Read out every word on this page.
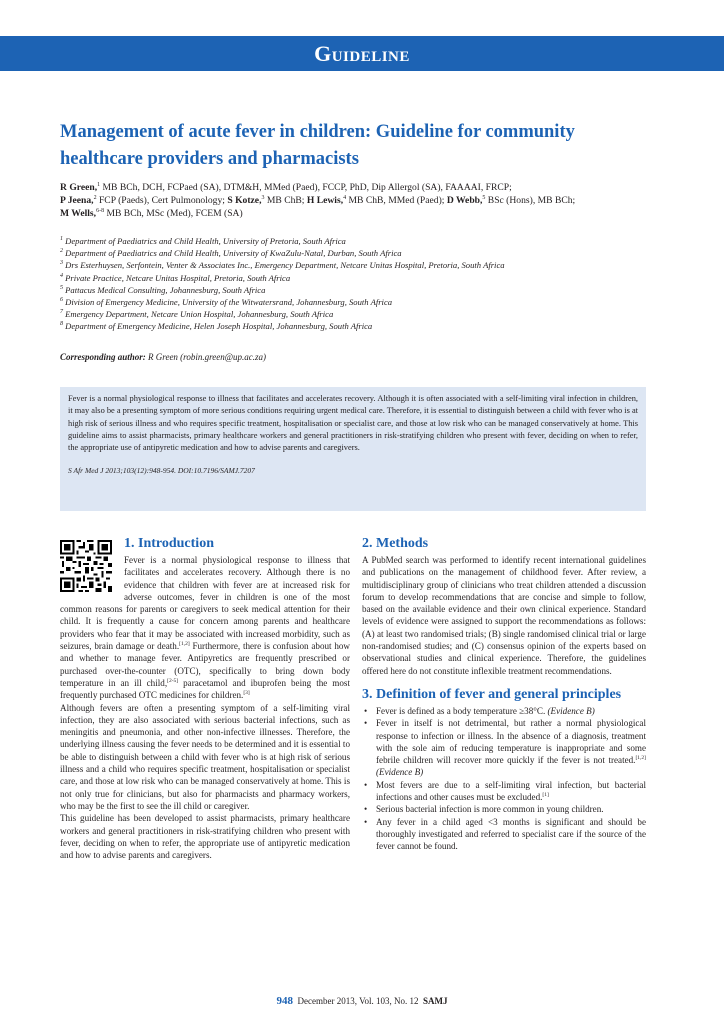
Guideline
Management of acute fever in children: Guideline for community healthcare providers and pharmacists
R Green,$^1$ MB BCh, DCH, FCPaed (SA), DTM&H, MMed (Paed), FCCP, PhD, Dip Allergol (SA), FAAAAI, FRCP;
P Jeena,$^2$ FCP (Paeds), Cert Pulmonology; S Kotze,$^3$ MB ChB; H Lewis,$^4$ MB ChB, MMed (Paed); D Webb,$^5$ BSc (Hons), MB BCh;
M Wells,$^{6-8}$ MB BCh, MSc (Med), FCEM (SA)
$^1$ Department of Paediatrics and Child Health, University of Pretoria, South Africa
$^2$ Department of Paediatrics and Child Health, University of KwaZulu-Natal, Durban, South Africa
$^3$ Drs Esterhuysen, Serfontein, Venter & Associates Inc., Emergency Department, Netcare Unitas Hospital, Pretoria, South Africa
$^4$ Private Practice, Netcare Unitas Hospital, Pretoria, South Africa
$^5$ Pattacus Medical Consulting, Johannesburg, South Africa
$^6$ Division of Emergency Medicine, University of the Witwatersrand, Johannesburg, South Africa
$^7$ Emergency Department, Netcare Union Hospital, Johannesburg, South Africa
$^8$ Department of Emergency Medicine, Helen Joseph Hospital, Johannesburg, South Africa
Corresponding author: R Green (robin.green@up.ac.za)

Fever is a normal physiological response to illness that facilitates and accelerates recovery. Although it is often associated with a self-limiting viral infection in children, it may also be a presenting symptom of more serious conditions requiring urgent medical care. Therefore, it is essential to distinguish between a child with fever who is at high risk of serious illness and who requires specific treatment, hospitalisation or specialist care, and those at low risk who can be managed conservatively at home. This guideline aims to assist pharmacists, primary healthcare workers and general practitioners in risk-stratifying children who present with fever, deciding on when to refer, the appropriate use of antipyretic medication and how to advise parents and caregivers.

S Afr Med J 2013;103(12):948-954. DOI:10.7196/SAMJ.7207

1. Introduction

Fever is a normal physiological response to illness that facilitates and accelerates recovery. Although there is no evidence that children with fever are at increased risk for adverse outcomes, fever in children is one of the most common reasons for parents or caregivers to seek medical attention for their child. It is frequently a cause for concern among parents and healthcare providers who fear that it may be associated with increased morbidity, such as seizures, brain damage or death.[1,2] Furthermore, there is confusion about how and whether to manage fever. Antipyretics are frequently prescribed or purchased over-the-counter (OTC), specifically to bring down body temperature in an ill child,[2-5] paracetamol and ibuprofen being the most frequently purchased OTC medicines for children.[3]

Although fevers are often a presenting symptom of a self-limiting viral infection, they are also associated with serious bacterial infections, such as meningitis and pneumonia, and other non-infective illnesses. Therefore, the underlying illness causing the fever needs to be determined and it is essential to be able to distinguish between a child with fever who is at high risk of serious illness and a child who requires specific treatment, hospitalisation or specialist care, and those at low risk who can be managed conservatively at home. This is not only true for clinicians, but also for pharmacists and pharmacy workers, who may be the first to see the ill child or caregiver.

This guideline has been developed to assist pharmacists, primary healthcare workers and general practitioners in risk-stratifying children who present with fever, deciding on when to refer, the appropriate use of antipyretic medication and how to advise parents and caregivers.

2. Methods

A PubMed search was performed to identify recent international guidelines and publications on the management of childhood fever. After review, a multidisciplinary group of clinicians who treat children attended a discussion forum to develop recommendations that are concise and simple to follow, based on the available evidence and their own clinical experience. Standard levels of evidence were assigned to support the recommendations as follows: (A) at least two randomised trials; (B) single randomised clinical trial or large non-randomised studies; and (C) consensus opinion of the experts based on observational studies and clinical experience. Therefore, the guidelines offered here do not constitute inflexible treatment recommendations.

3. Definition of fever and general principles
• Fever is defined as a body temperature ≥38°C. (Evidence B)
• Fever in itself is not detrimental, but rather a normal physiological response to infection or illness. In the absence of a diagnosis, treatment with the sole aim of reducing temperature is inappropriate and some febrile children will recover more quickly if the fever is not treated.[1,2] (Evidence B)
• Most fevers are due to a self-limiting viral infection, but bacterial infections and other causes must be excluded.[1]
• Serious bacterial infection is more common in young children.
• Any fever in a child aged <3 months is significant and should be thoroughly investigated and referred to specialist care if the source of the fever cannot be found.
948 December 2013, Vol. 103, No. 12 SAMJ
